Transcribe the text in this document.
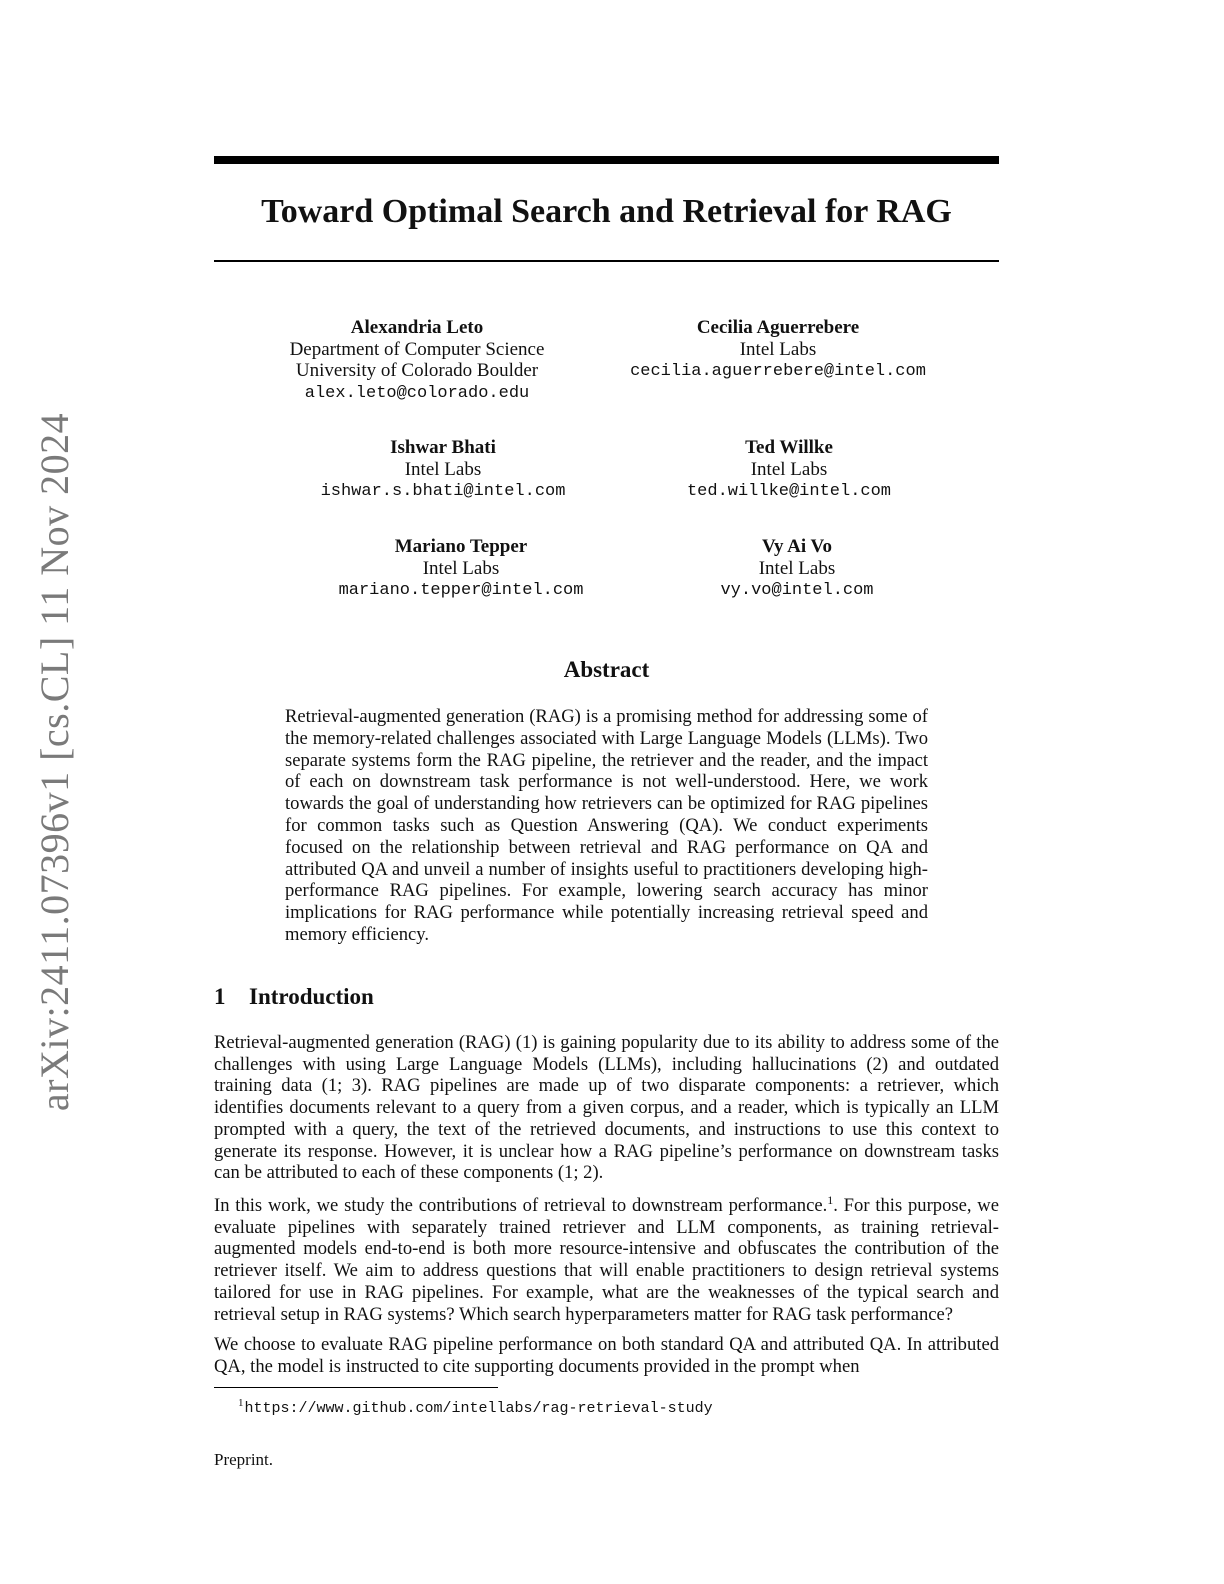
arXiv:2411.07396v1 [cs.CL] 11 Nov 2024
Toward Optimal Search and Retrieval for RAG
Alexandria Leto
Department of Computer Science
University of Colorado Boulder
alex.leto@colorado.edu
Cecilia Aguerrebere
Intel Labs
cecilia.aguerrebere@intel.com
Ishwar Bhati
Intel Labs
ishwar.s.bhati@intel.com
Ted Willke
Intel Labs
ted.willke@intel.com
Mariano Tepper
Intel Labs
mariano.tepper@intel.com
Vy Ai Vo
Intel Labs
vy.vo@intel.com
Abstract

Retrieval-augmented generation (RAG) is a promising method for addressing some of the memory-related challenges associated with Large Language Models (LLMs). Two separate systems form the RAG pipeline, the retriever and the reader, and the impact of each on downstream task performance is not well-understood. Here, we work towards the goal of understanding how retrievers can be optimized for RAG pipelines for common tasks such as Question Answering (QA). We conduct experiments focused on the relationship between retrieval and RAG performance on QA and attributed QA and unveil a number of insights useful to practitioners developing high-performance RAG pipelines. For example, lowering search accuracy has minor implications for RAG performance while potentially increasing retrieval speed and memory efficiency.

1 Introduction

Retrieval-augmented generation (RAG) (1) is gaining popularity due to its ability to address some of the challenges with using Large Language Models (LLMs), including hallucinations (2) and outdated training data (1; 3). RAG pipelines are made up of two disparate components: a retriever, which identifies documents relevant to a query from a given corpus, and a reader, which is typically an LLM prompted with a query, the text of the retrieved documents, and instructions to use this context to generate its response. However, it is unclear how a RAG pipeline’s performance on downstream tasks can be attributed to each of these components (1; 2).

In this work, we study the contributions of retrieval to downstream performance.$^1$. For this purpose, we evaluate pipelines with separately trained retriever and LLM components, as training retrieval-augmented models end-to-end is both more resource-intensive and obfuscates the contribution of the retriever itself. We aim to address questions that will enable practitioners to design retrieval systems tailored for use in RAG pipelines. For example, what are the weaknesses of the typical search and retrieval setup in RAG systems? Which search hyperparameters matter for RAG task performance?

We choose to evaluate RAG pipeline performance on both standard QA and attributed QA. In attributed QA, the model is instructed to cite supporting documents provided in the prompt when

$^1$https://www.github.com/intellabs/rag-retrieval-study
Preprint.
